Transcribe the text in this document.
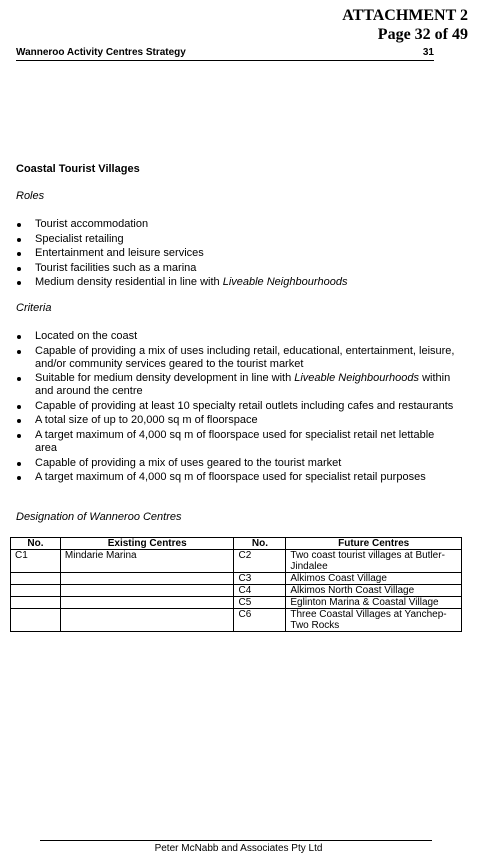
ATTACHMENT 2
Page 32 of 49
Wanneroo Activity Centres Strategy	31
Coastal Tourist Villages
Roles
Tourist accommodation
Specialist retailing
Entertainment and leisure services
Tourist facilities such as a marina
Medium density residential in line with Liveable Neighbourhoods
Criteria
Located on the coast
Capable of providing a mix of uses including retail, educational, entertainment, leisure, and/or community services geared to the tourist market
Suitable for medium density development in line with Liveable Neighbourhoods within and around the centre
Capable of providing at least 10 specialty retail outlets including cafes and restaurants
A total size of up to 20,000 sq m of floorspace
A target maximum of 4,000 sq m of floorspace used for specialist retail net lettable area
Capable of providing a mix of uses geared to the tourist market
A target maximum of 4,000 sq m of floorspace used for specialist retail purposes
Designation of Wanneroo Centres
No.	Existing Centres	No.	Future Centres
C1	Mindarie Marina	C2	Two coast tourist villages at Butler-Jindalee
		C3	Alkimos Coast Village
		C4	Alkimos North Coast Village
		C5	Eglinton Marina & Coastal Village
		C6	Three Coastal Villages at Yanchep-Two Rocks
Peter McNabb and Associates Pty Ltd
